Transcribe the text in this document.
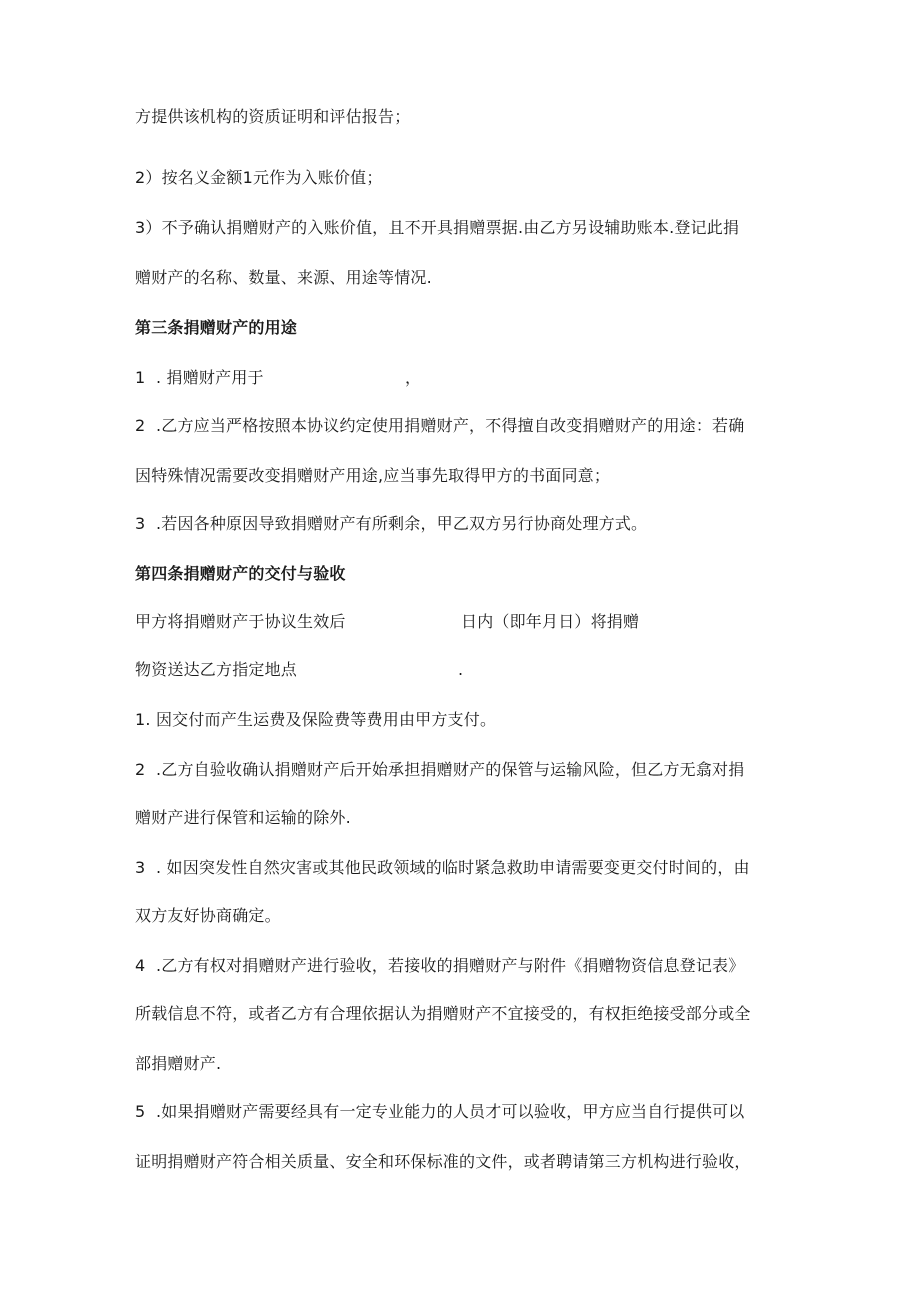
方提供该机构的资质证明和评估报告；
2）按名义金额1元作为入账价值；
3）不予确认捐赠财产的入账价值，且不开具捐赠票据.由乙方另设辅助账本.登记此捐
赠财产的名称、数量、来源、用途等情况.
第三条捐赠财产的用途
1  . 捐赠财产用于	，
2  .乙方应当严格按照本协议约定使用捐赠财产，不得擅自改变捐赠财产的用途：若确
因特殊情况需要改变捐赠财产用途,应当事先取得甲方的书面同意；
3  .若因各种原因导致捐赠财产有所剩余，甲乙双方另行协商处理方式。
第四条捐赠财产的交付与验收
甲方将捐赠财产于协议生效后	日内（即年月日）将捐赠
物资送达乙方指定地点	.
1. 因交付而产生运费及保险费等费用由甲方支付。
2  .乙方自验收确认捐赠财产后开始承担捐赠财产的保管与运输风险，但乙方无翕对捐
赠财产进行保管和运输的除外.
3  . 如因突发性自然灾害或其他民政领域的临时紧急救助申请需要变更交付时间的，由
双方友好协商确定。
4  .乙方有权对捐赠财产进行验收，若接收的捐赠财产与附件《捐赠物资信息登记表》
所载信息不符，或者乙方有合理依据认为捐赠财产不宜接受的，有权拒绝接受部分或全
部捐赠财产.
5  .如果捐赠财产需要经具有一定专业能力的人员才可以验收，甲方应当自行提供可以
证明捐赠财产符合相关质量、安全和环保标准的文件，或者聘请第三方机构进行验收，
